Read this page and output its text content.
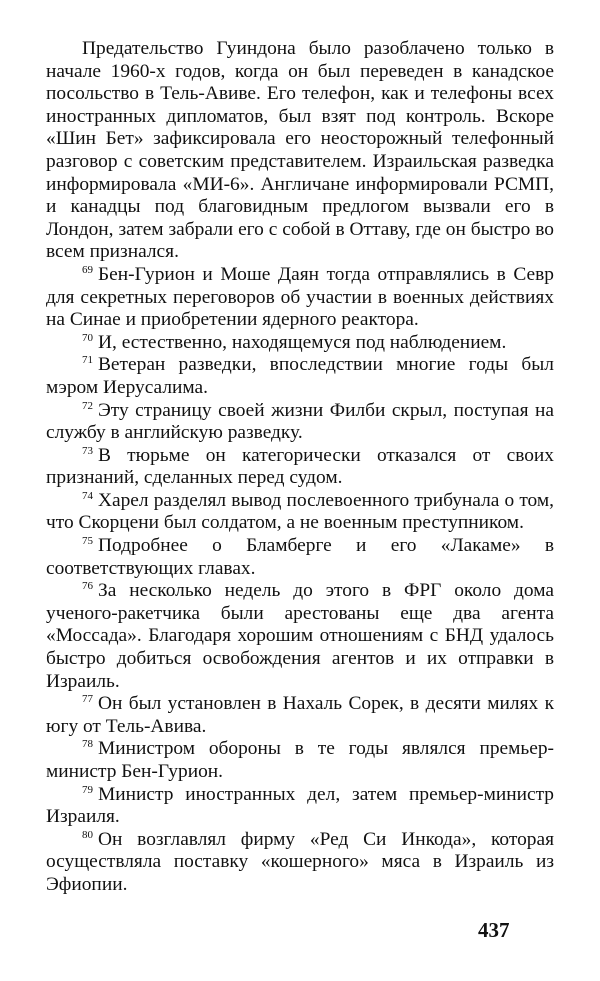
Предательство Гуиндона было разоблачено только в начале 1960-х годов, когда он был переведен в канадское посольство в Тель-Авиве. Его телефон, как и телефоны всех иностранных дипломатов, был взят под контроль. Вскоре «Шин Бет» зафиксировала его неосторожный телефонный разговор с советским представителем. Израильская разведка информировала «МИ-6». Англичане информировали РСМП, и канадцы под благовидным предлогом вызвали его в Лондон, затем забрали его с собой в Оттаву, где он быстро во всем признался.

$^{69}$ Бен-Гурион и Моше Даян тогда отправлялись в Севр для секретных переговоров об участии в военных действиях на Синае и приобретении ядерного реактора.

$^{70}$ И, естественно, находящемуся под наблюдением.

$^{71}$ Ветеран разведки, впоследствии многие годы был мэром Иерусалима.

$^{72}$ Эту страницу своей жизни Филби скрыл, поступая на службу в английскую разведку.

$^{73}$ В тюрьме он категорически отказался от своих признаний, сделанных перед судом.

$^{74}$ Харел разделял вывод послевоенного трибунала о том, что Скорцени был солдатом, а не военным преступником.

$^{75}$ Подробнее о Бламберге и его «Лакаме» в соответствующих главах.

$^{76}$ За несколько недель до этого в ФРГ около дома ученого-ракетчика были арестованы еще два агента «Моссада». Благодаря хорошим отношениям с БНД удалось быстро добиться освобождения агентов и их отправки в Израиль.

$^{77}$ Он был установлен в Нахаль Сорек, в десяти милях к югу от Тель-Авива.

$^{78}$ Министром обороны в те годы являлся премьер-министр Бен-Гурион.

$^{79}$ Министр иностранных дел, затем премьер-министр Израиля.

$^{80}$ Он возглавлял фирму «Ред Си Инкода», которая осуществляла поставку «кошерного» мяса в Израиль из Эфиопии.

437
